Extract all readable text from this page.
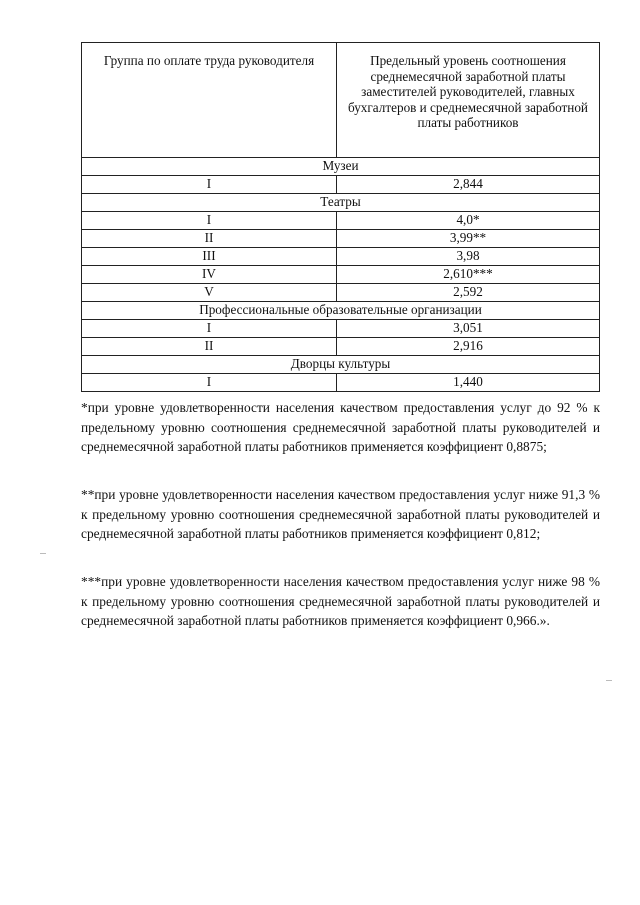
Группа по оплате труда руководителя	Предельный уровень соотношения среднемесячной заработной платы заместителей руководителей, главных бухгалтеров и среднемесячной заработной платы работников
Музеи	
I	2,844
Театры	
I	4,0*
II	3,99**
III	3,98
IV	2,610***
V	2,592
Профессиональные образовательные организации	
I	3,051
II	2,916
Дворцы культуры	
I	1,440

*при уровне удовлетворенности населения качеством предоставления услуг до 92 % к предельному уровню соотношения среднемесячной заработной платы руководителей и среднемесячной заработной платы работников применяется коэффициент 0,8875;

**при уровне удовлетворенности населения качеством предоставления услуг ниже 91,3 % к предельному уровню соотношения среднемесячной заработной платы руководителей и среднемесячной заработной платы работников применяется коэффициент 0,812;

***при уровне удовлетворенности населения качеством предоставления услуг ниже 98 % к предельному уровню соотношения среднемесячной заработной платы руководителей и среднемесячной заработной платы работников применяется коэффициент 0,966.».
